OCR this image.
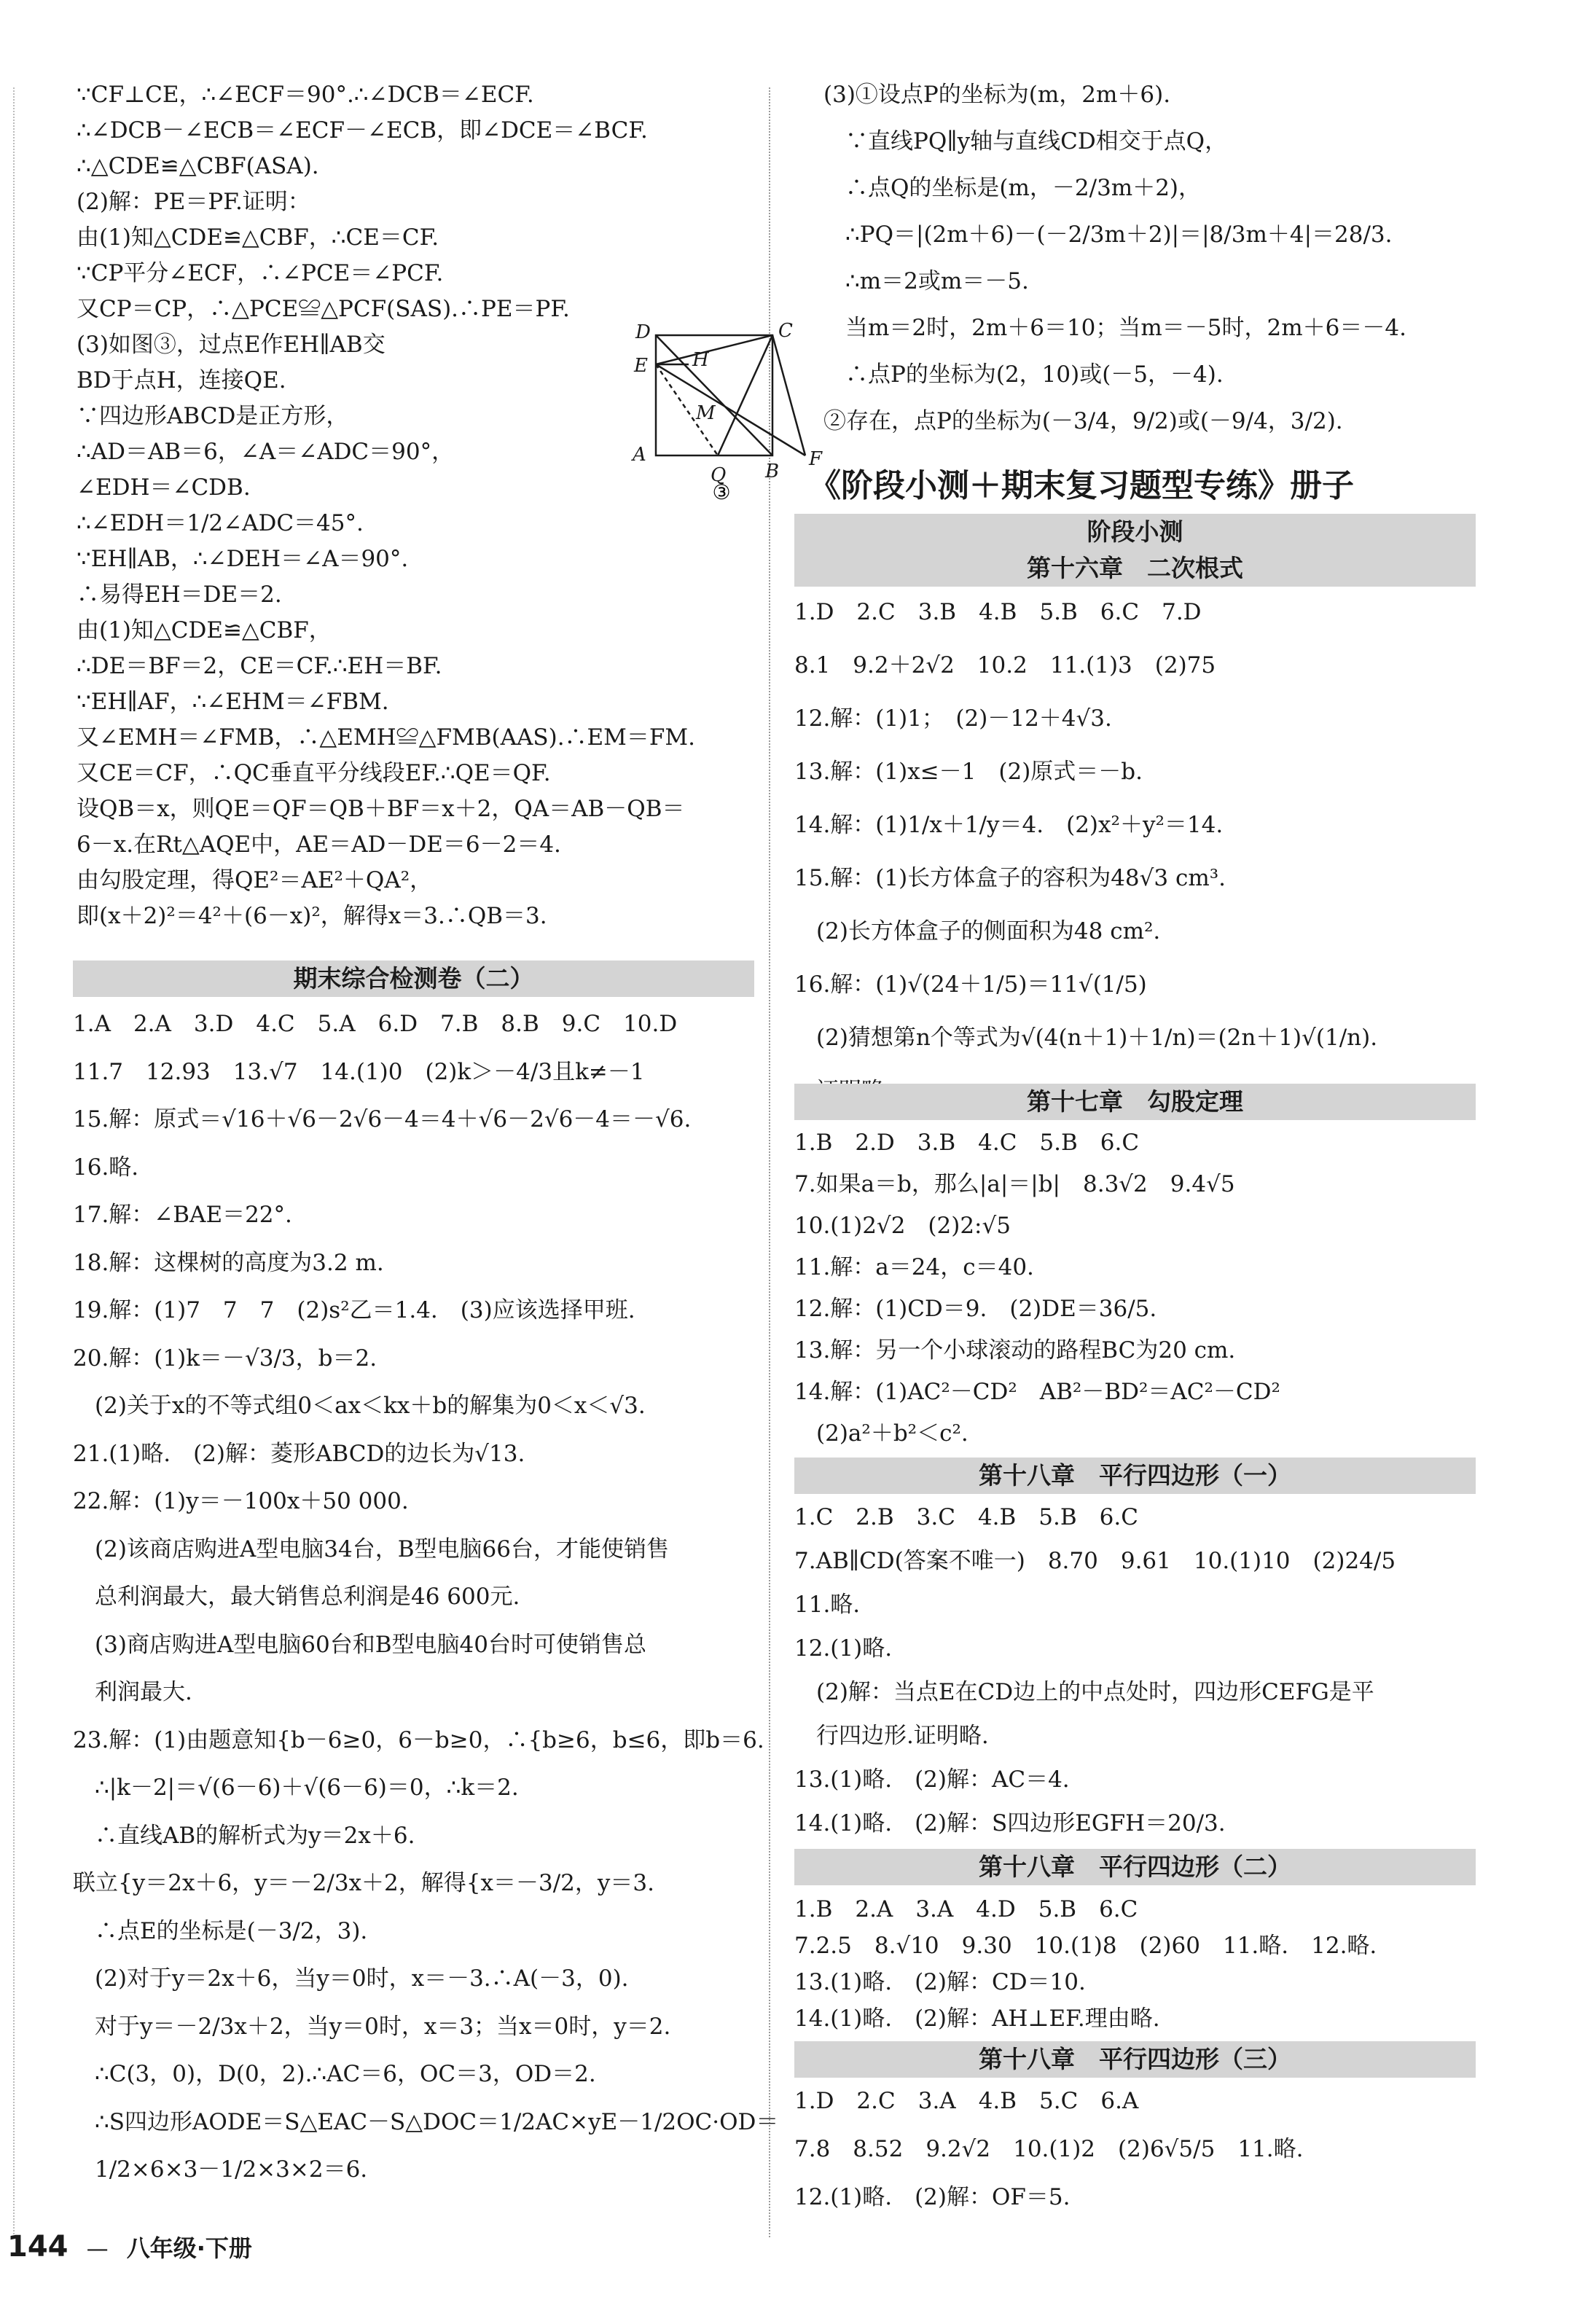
∵CF⊥CE，∴∠ECF＝90°.∴∠DCB＝∠ECF.
∴∠DCB－∠ECB＝∠ECF－∠ECB，即∠DCE＝∠BCF.
∴△CDE≌△CBF(ASA).
(2)解：PE＝PF.证明：
由(1)知△CDE≌△CBF，∴CE＝CF.
∵CP平分∠ECF，∴∠PCE＝∠PCF.
又CP＝CP，∴△PCE≌△PCF(SAS).∴PE＝PF.
(3)如图③，过点E作EH∥AB交
BD于点H，连接QE.
∵四边形ABCD是正方形，
∴AD＝AB＝6，∠A＝∠ADC＝90°，
∠EDH＝∠CDB.
∴∠EDH＝1/2∠ADC＝45°.
∵EH∥AB，∴∠DEH＝∠A＝90°.
∴易得EH＝DE＝2.
由(1)知△CDE≌△CBF，
∴DE＝BF＝2，CE＝CF.∴EH＝BF.
∵EH∥AF，∴∠EHM＝∠FBM.
又∠EMH＝∠FMB，∴△EMH≌△FMB(AAS).∴EM＝FM.
又CE＝CF，∴QC垂直平分线段EF.∴QE＝QF.
设QB＝x，则QE＝QF＝QB＋BF＝x＋2，QA＝AB－QB＝
6－x.在Rt△AQE中，AE＝AD－DE＝6－2＝4.
由勾股定理，得QE²＝AE²＋QA²，
即(x＋2)²＝4²＋(6－x)²，解得x＝3.∴QB＝3.
D	C
E H
M
A
Q B
F
③
期末综合检测卷（二）
1.A　2.A　3.D　4.C　5.A　6.D　7.B　8.B　9.C　10.D
11.7　12.93　13.√7　14.(1)0　(2)k＞－4/3且k≠－1
15.解：原式＝√16＋√6－2√6－4＝4＋√6－2√6－4＝－√6.
16.略.
17.解：∠BAE＝22°.
18.解：这棵树的高度为3.2 m.
19.解：(1)7　7　7　(2)s²乙＝1.4.　(3)应该选择甲班.
20.解：(1)k＝－√3/3，b＝2.
(2)关于x的不等式组0＜ax＜kx＋b的解集为0＜x＜√3.
21.(1)略.　(2)解：菱形ABCD的边长为√13.
22.解：(1)y＝－100x＋50 000.
(2)该商店购进A型电脑34台，B型电脑66台，才能使销售
总利润最大，最大销售总利润是46 600元.
(3)商店购进A型电脑60台和B型电脑40台时可使销售总
利润最大.
23.解：(1)由题意知{b－6≥0，6－b≥0，∴{b≥6，b≤6，即b＝6.
∴|k－2|＝√(6－6)＋√(6－6)＝0，∴k＝2.
∴直线AB的解析式为y＝2x＋6.
联立{y＝2x＋6，y＝－2/3x＋2，解得{x＝－3/2，y＝3.
∴点E的坐标是(－3/2，3).
(2)对于y＝2x＋6，当y＝0时，x＝－3.∴A(－3，0).
对于y＝－2/3x＋2，当y＝0时，x＝3；当x＝0时，y＝2.
∴C(3，0)，D(0，2).∴AC＝6，OC＝3，OD＝2.
∴S四边形AODE＝S△EAC－S△DOC＝1/2AC×yE－1/2OC·OD＝
1/2×6×3－1/2×3×2＝6.
(3)①设点P的坐标为(m，2m＋6).
∵直线PQ∥y轴与直线CD相交于点Q，
∴点Q的坐标是(m，－2/3m＋2)，
∴PQ＝|(2m＋6)－(－2/3m＋2)|＝|8/3m＋4|＝28/3.
∴m＝2或m＝－5.
当m＝2时，2m＋6＝10；当m＝－5时，2m＋6＝－4.
∴点P的坐标为(2，10)或(－5，－4).
②存在，点P的坐标为(－3/4，9/2)或(－9/4，3/2).
《阶段小测＋期末复习题型专练》册子
阶段小测
第十六章　二次根式
1.D　2.C　3.B　4.B　5.B　6.C　7.D
8.1　9.2＋2√2　10.2　11.(1)3　(2)75
12.解：(1)1；　(2)－12＋4√3.
13.解：(1)x≤－1　(2)原式＝－b.
14.解：(1)1/x＋1/y＝4.　(2)x²＋y²＝14.
15.解：(1)长方体盒子的容积为48√3 cm³.
(2)长方体盒子的侧面积为48 cm².
16.解：(1)√(24＋1/5)＝11√(1/5)
(2)猜想第n个等式为√(4(n＋1)＋1/n)＝(2n＋1)√(1/n).
第十七章　勾股定理
1.B　2.D　3.B　4.C　5.B　6.C
7.如果a＝b，那么|a|＝|b|　8.3√2　9.4√5
10.(1)2√2　(2)2:√5
11.解：a＝24，c＝40.
12.解：(1)CD＝9.　(2)DE＝36/5.
13.解：另一个小球滚动的路程BC为20 cm.
14.解：(1)AC²－CD²　AB²－BD²＝AC²－CD²
(2)a²＋b²＜c².
第十八章　平行四边形（一）
1.C　2.B　3.C　4.B　5.B　6.C
7.AB∥CD(答案不唯一)　8.70　9.61　10.(1)10　(2)24/5
11.略.
12.(1)略.
(2)解：当点E在CD边上的中点处时，四边形CEFG是平
行四边形.证明略.
13.(1)略.　(2)解：AC＝4.
14.(1)略.　(2)解：S四边形EGFH＝20/3.
第十八章　平行四边形（二）
1.B　2.A　3.A　4.D　5.B　6.C
7.2.5　8.√10　9.30　10.(1)8　(2)60　11.略.　12.略.
13.(1)略.　(2)解：CD＝10.
14.(1)略.　(2)解：AH⊥EF.理由略.
第十八章　平行四边形（三）
1.D　2.C　3.A　4.B　5.C　6.A
7.8　8.52　9.2√2　10.(1)2　(2)6√5/5　11.略.
12.(1)略.　(2)解：OF＝5.
144 — 八年级·下册
